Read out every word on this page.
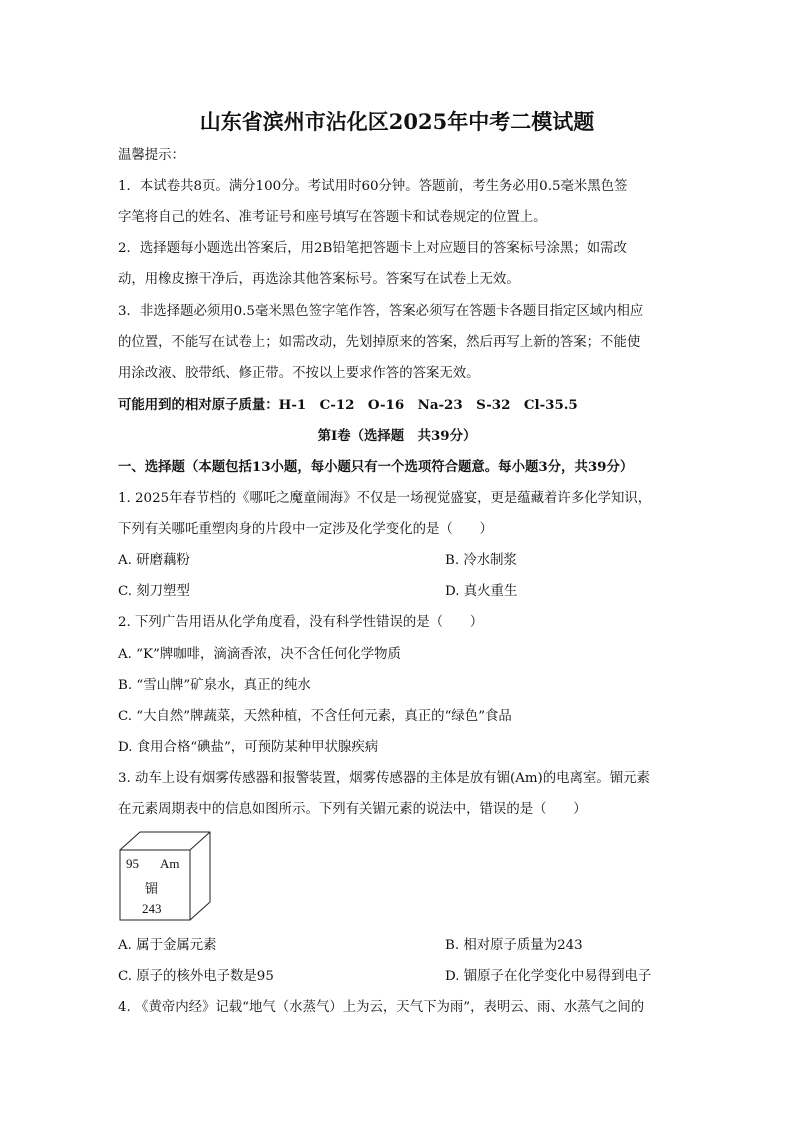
山东省滨州市沾化区2025年中考二模试题
温馨提示：
1．本试卷共8页。满分100分。考试用时60分钟。答题前，考生务必用0.5毫米黑色签
字笔将自己的姓名、准考证号和座号填写在答题卡和试卷规定的位置上。
2．选择题每小题选出答案后，用2B铅笔把答题卡上对应题目的答案标号涂黑；如需改
动，用橡皮擦干净后，再选涂其他答案标号。答案写在试卷上无效。
3．非选择题必须用0.5毫米黑色签字笔作答，答案必须写在答题卡各题目指定区域内相应
的位置，不能写在试卷上；如需改动，先划掉原来的答案，然后再写上新的答案；不能使
用涂改液、胶带纸、修正带。不按以上要求作答的答案无效。
可能用到的相对原子质量：H-1　C-12　O-16　Na-23　S-32　Cl-35.5
第Ⅰ卷（选择题　共39分）
一、选择题（本题包括13小题，每小题只有一个选项符合题意。每小题3分，共39分）
1. 2025年春节档的《哪吒之魔童闹海》不仅是一场视觉盛宴，更是蕴藏着许多化学知识，
下列有关哪吒重塑肉身的片段中一定涉及化学变化的是（　　）
A. 研磨藕粉	B. 冷水制浆
C. 刻刀塑型	D. 真火重生
2. 下列广告用语从化学角度看，没有科学性错误的是（　　）
A. “K”牌咖啡，滴滴香浓，决不含任何化学物质
B. “雪山牌”矿泉水，真正的纯水
C. “大自然”牌蔬菜，天然种植，不含任何元素，真正的“绿色”食品
D. 食用合格“碘盐”，可预防某种甲状腺疾病
3. 动车上设有烟雾传感器和报警装置，烟雾传感器的主体是放有镅(Am)的电离室。镅元素
在元素周期表中的信息如图所示。下列有关镅元素的说法中，错误的是（　　）
95 Am
镅
243
A. 属于金属元素	B. 相对原子质量为243
C. 原子的核外电子数是95	D. 镅原子在化学变化中易得到电子
4. 《黄帝内经》记载“地气（水蒸气）上为云，天气下为雨”，表明云、雨、水蒸气之间的
